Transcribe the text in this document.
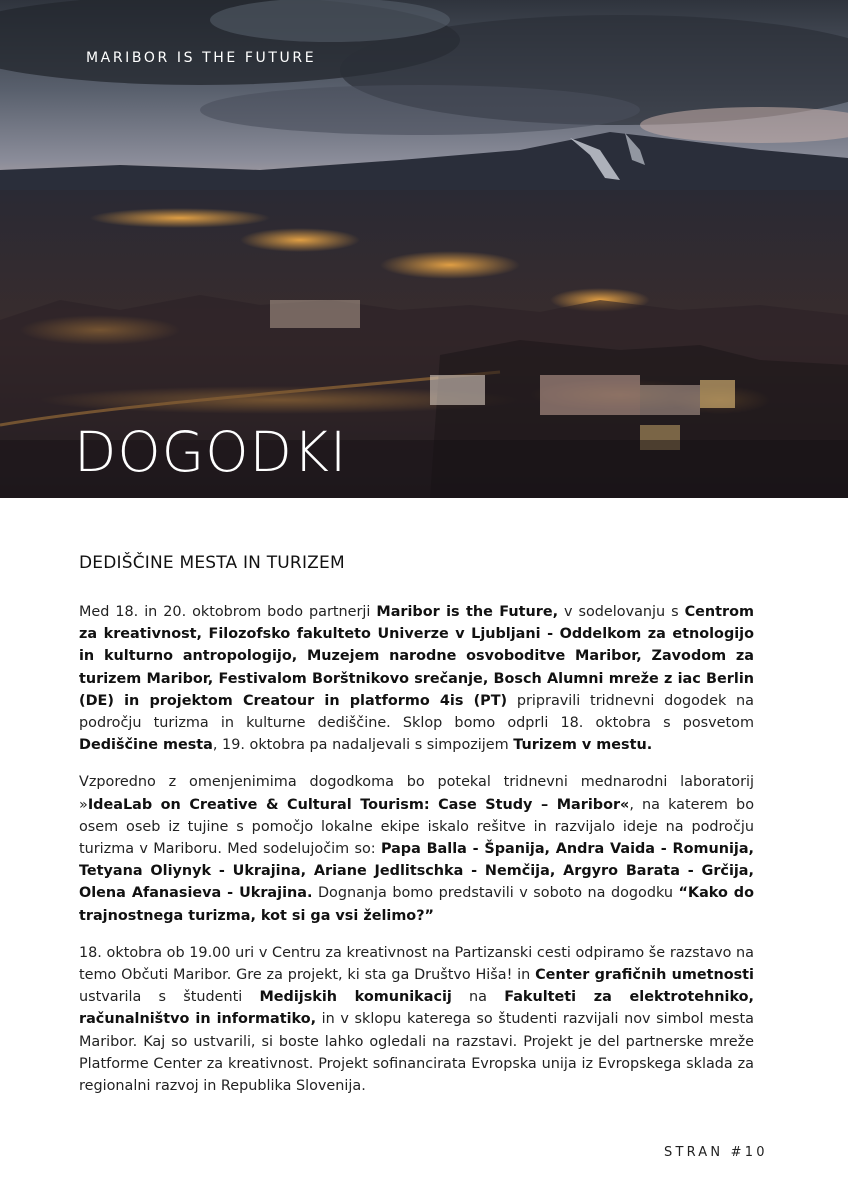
MARIBOR IS THE FUTURE
DOGODKI
DEDIŠČINE MESTA IN TURIZEM

Med 18. in 20. oktobrom bodo partnerji Maribor is the Future, v sodelovanju s Centrom za kreativnost, Filozofsko fakulteto Univerze v Ljubljani - Oddelkom za etnologijo in kulturno antropologijo, Muzejem narodne osvoboditve Maribor, Zavodom za turizem Maribor, Festivalom Borštnikovo srečanje, Bosch Alumni mreže z iac Berlin (DE) in projektom Creatour in platformo 4is (PT) pripravili tridnevni dogodek na področju turizma in kulturne dediščine. Sklop bomo odprli 18. oktobra s posvetom Dediščine mesta, 19. oktobra pa nadaljevali s simpozijem Turizem v mestu.

Vzporedno z omenjenimima dogodkoma bo potekal tridnevni mednarodni laboratorij »IdeaLab on Creative & Cultural Tourism: Case Study – Maribor«, na katerem bo osem oseb iz tujine s pomočjo lokalne ekipe iskalo rešitve in razvijalo ideje na področju turizma v Mariboru. Med sodelujočim so: Papa Balla - Španija, Andra Vaida - Romunija, Tetyana Oliynyk - Ukrajina, Ariane Jedlitschka - Nemčija, Argyro Barata - Grčija, Olena Afanasieva - Ukrajina. Dognanja bomo predstavili v soboto na dogodku “Kako do trajnostnega turizma, kot si ga vsi želimo?”

18. oktobra ob 19.00 uri v Centru za kreativnost na Partizanski cesti odpiramo še razstavo na temo Občuti Maribor. Gre za projekt, ki sta ga Društvo Hiša! in Center grafičnih umetnosti ustvarila s študenti Medijskih komunikacij na Fakulteti za elektrotehniko, računalništvo in informatiko, in v sklopu katerega so študenti razvijali nov simbol mesta Maribor. Kaj so ustvarili, si boste lahko ogledali na razstavi. Projekt je del partnerske mreže Platforme Center za kreativnost. Projekt sofinancirata Evropska unija iz Evropskega sklada za regionalni razvoj in Republika Slovenija.

STRAN #10
